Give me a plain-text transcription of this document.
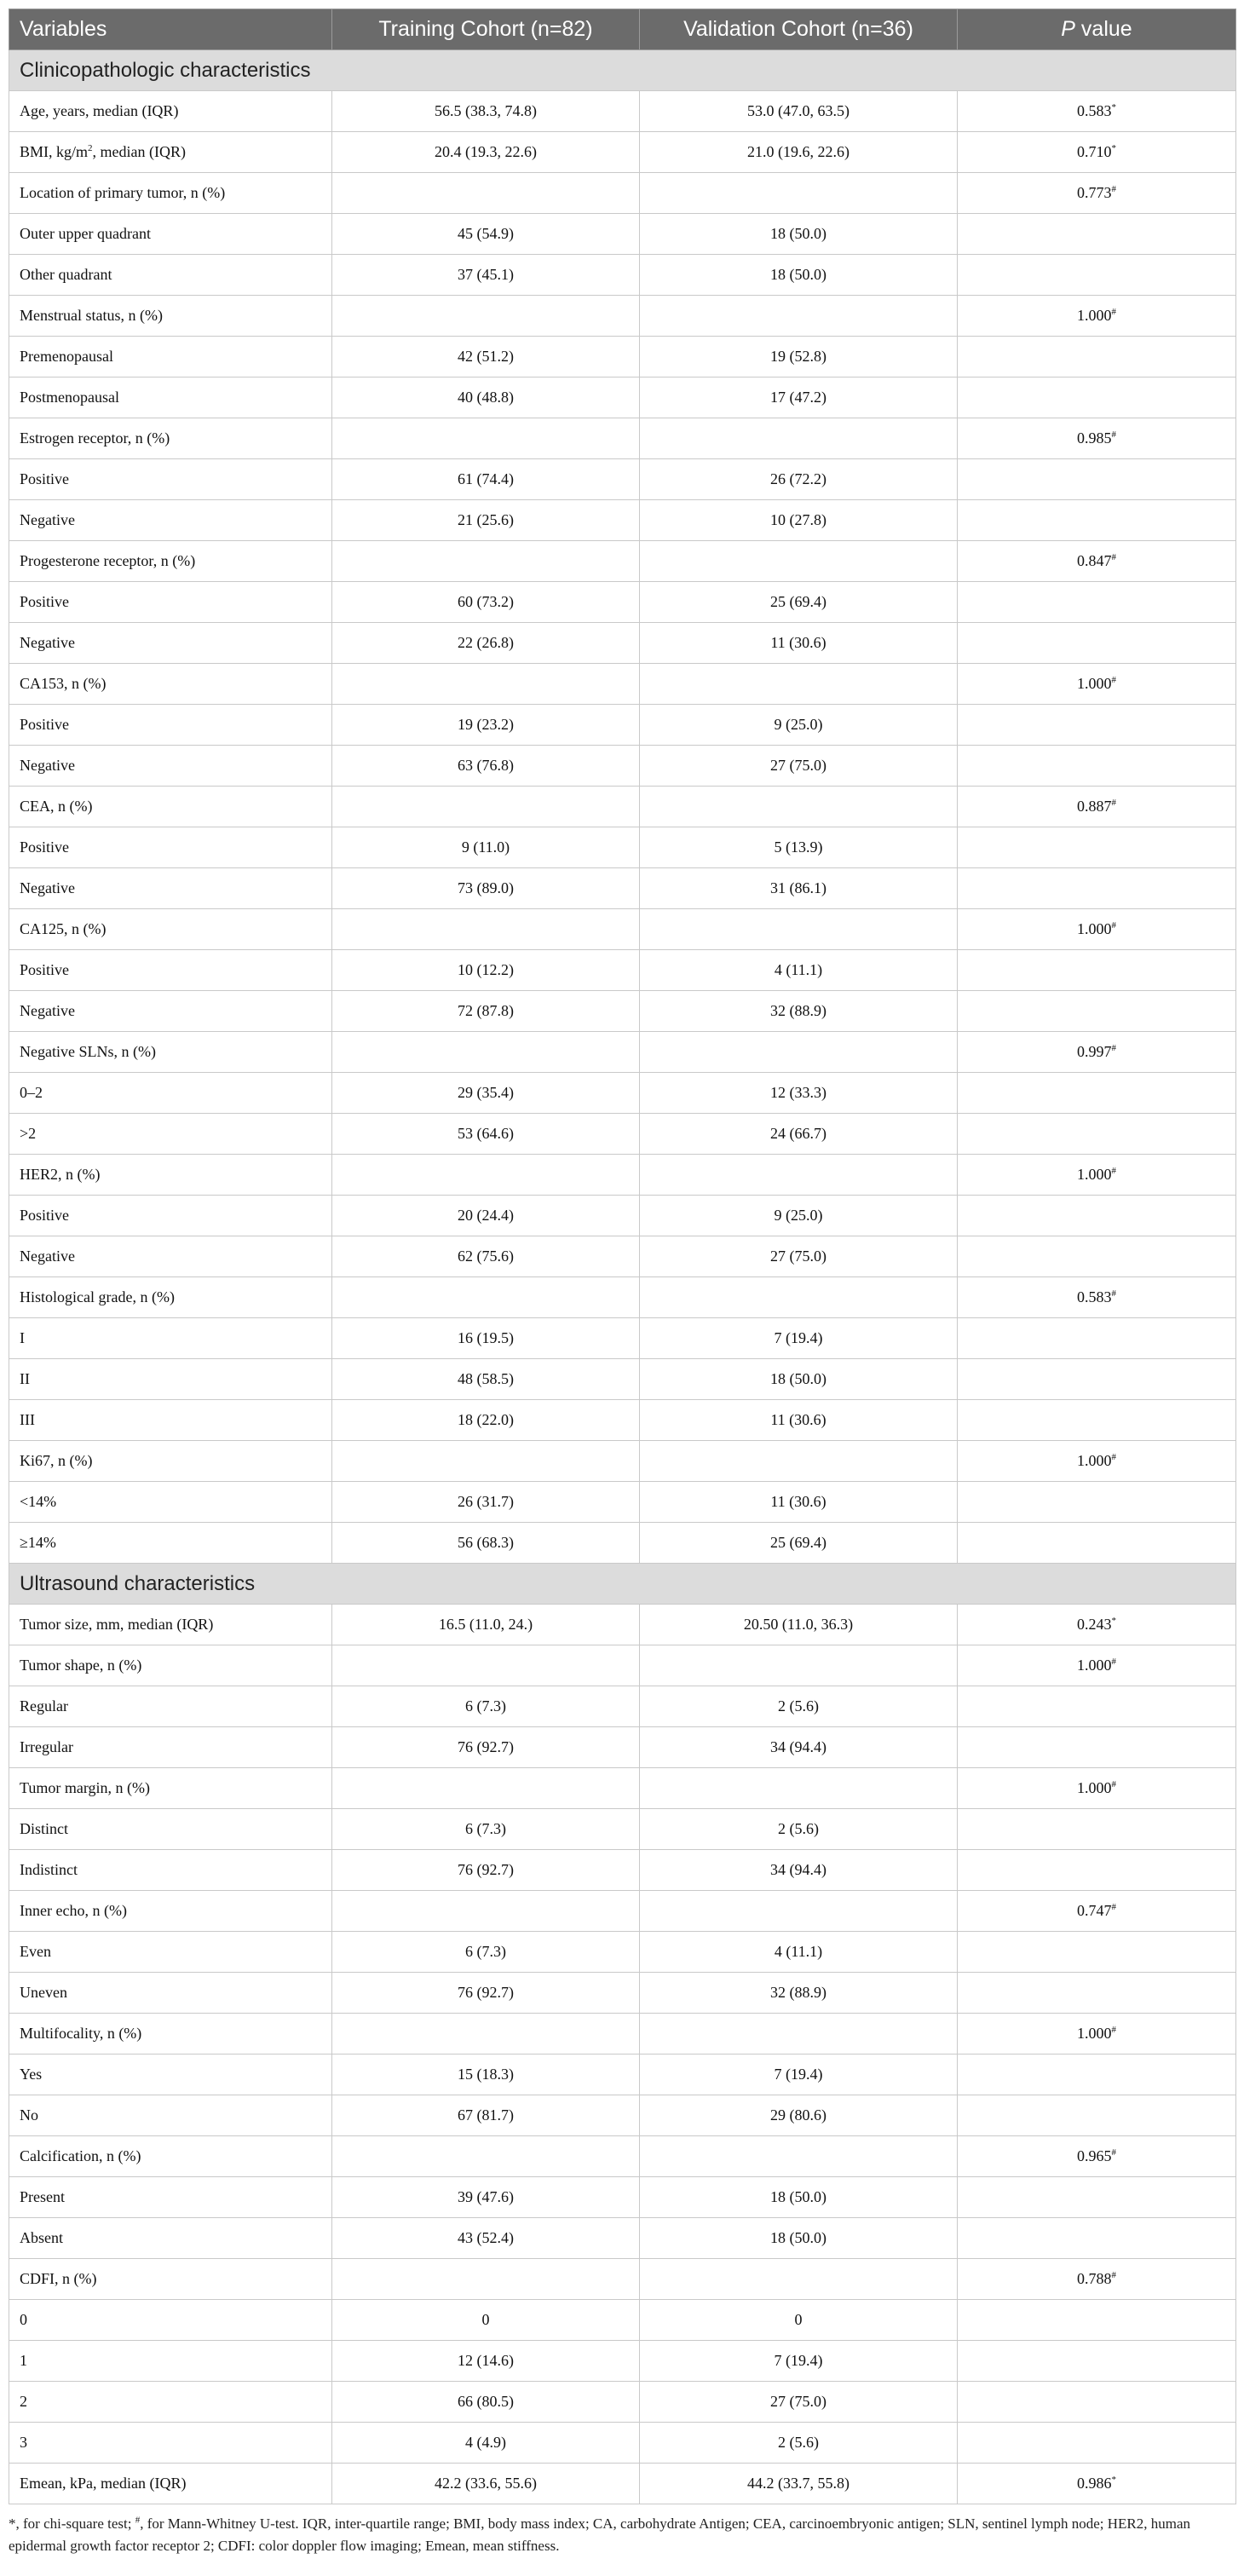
Variables	Training Cohort (n=82)	Validation Cohort (n=36)	P value
Clinicopathologic characteristics			
Age, years, median (IQR)	56.5 (38.3, 74.8)	53.0 (47.0, 63.5)	0.583*
BMI, $kg/m^2$, median (IQR)	20.4 (19.3, 22.6)	21.0 (19.6, 22.6)	0.710*
Location of primary tumor, n (%)			0.773#
Outer upper quadrant	45 (54.9)	18 (50.0)	
Other quadrant	37 (45.1)	18 (50.0)	
Menstrual status, n (%)			1.000#
Premenopausal	42 (51.2)	19 (52.8)	
Postmenopausal	40 (48.8)	17 (47.2)	
Estrogen receptor, n (%)			0.985#
Positive	61 (74.4)	26 (72.2)	
Negative	21 (25.6)	10 (27.8)	
Progesterone receptor, n (%)			0.847#
Positive	60 (73.2)	25 (69.4)	
Negative	22 (26.8)	11 (30.6)	
CA153, n (%)			1.000#
Positive	19 (23.2)	9 (25.0)	
Negative	63 (76.8)	27 (75.0)	
CEA, n (%)			0.887#
Positive	9 (11.0)	5 (13.9)	
Negative	73 (89.0)	31 (86.1)	
CA125, n (%)			1.000#
Positive	10 (12.2)	4 (11.1)	
Negative	72 (87.8)	32 (88.9)	
Negative SLNs, n (%)			0.997#
0–2	29 (35.4)	12 (33.3)	
>2	53 (64.6)	24 (66.7)	
HER2, n (%)			1.000#
Positive	20 (24.4)	9 (25.0)	
Negative	62 (75.6)	27 (75.0)	
Histological grade, n (%)			0.583#
I	16 (19.5)	7 (19.4)	
II	48 (58.5)	18 (50.0)	
III	18 (22.0)	11 (30.6)	
Ki67, n (%)			1.000#
<14%	26 (31.7)	11 (30.6)	
≥14%	56 (68.3)	25 (69.4)	
Ultrasound characteristics			
Tumor size, mm, median (IQR)	16.5 (11.0, 24.)	20.50 (11.0, 36.3)	0.243*
Tumor shape, n (%)			1.000#
Regular	6 (7.3)	2 (5.6)	
Irregular	76 (92.7)	34 (94.4)	
Tumor margin, n (%)			1.000#
Distinct	6 (7.3)	2 (5.6)	
Indistinct	76 (92.7)	34 (94.4)	
Inner echo, n (%)			0.747#
Even	6 (7.3)	4 (11.1)	
Uneven	76 (92.7)	32 (88.9)	
Multifocality, n (%)			1.000#
Yes	15 (18.3)	7 (19.4)	
No	67 (81.7)	29 (80.6)	
Calcification, n (%)			0.965#
Present	39 (47.6)	18 (50.0)	
Absent	43 (52.4)	18 (50.0)	
CDFI, n (%)			0.788#
0	0	0	
1	12 (14.6)	7 (19.4)	
2	66 (80.5)	27 (75.0)	
3	4 (4.9)	2 (5.6)	
Emean, kPa, median (IQR)	42.2 (33.6, 55.6)	44.2 (33.7, 55.8)	0.986*
*, for chi-square test; #, for Mann-Whitney U-test. IQR, inter-quartile range; BMI, body mass index; CA, carbohydrate Antigen; CEA, carcinoembryonic antigen; SLN, sentinel lymph node; HER2, human epidermal growth factor receptor 2; CDFI: color doppler flow imaging; Emean, mean stiffness.
